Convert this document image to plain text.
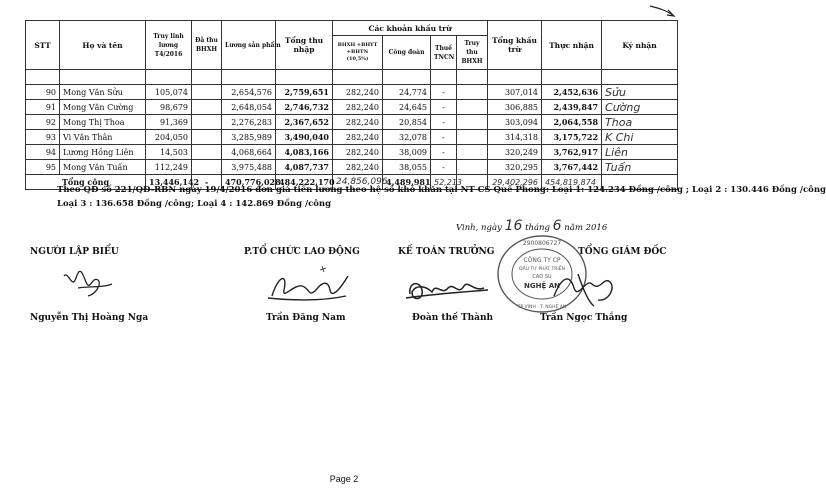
STT	Họ và tên	Truy lĩnh lương T4/2016	Đã thu BHXH	Lương sản phẩm	Tổng thu nhập	Các khoản khấu trừ				Tổng khấu trừ	Thực nhận	Ký nhận
						BHXH +BHYT +BHTN (10,5%)	Công đoàn	Thuế TNCN	Truy thu BHXH			

90	Mong Văn Sửu	105,074		2,654,576	2,759,651	282,240	24,774	-		307,014	2,452,636	Sửu
91	Mong Văn Cường	98,679		2,648,054	2,746,732	282,240	24,645	-		306,885	2,439,847	Cường
92	Mong Thị Thoa	91,369		2,276,283	2,367,652	282,240	20,854	-		303,094	2,064,558	Thoa
93	Vi Văn Thân	204,050		3,285,989	3,490,040	282,240	32,078	-		314,318	3,175,722	K Chi
94	Lương Hồng Liên	14,503		4,068,664	4,083,166	282,240	38,009	-		320,249	3,762,917	Liên
95	Mong Văn Tuấn	112,249		3,975,488	4,087,737	282,240	38,055	-		320,295	3,767,442	Tuấn
Tổng cộng		13,446,142	-	470,776,028	484,222,170	24,856,096	4,489,981	52,213		29,402,296	454,819,874	
Theo QĐ số 221/QĐ-RBN ngày 19/4/2016 đơn giá tiền lương theo hệ số khó khăn tại NT CS Quế Phong: Loại 1: 124.234 Đồng /công ; Loại 2 : 130.446 Đồng /công
Loại 3 : 136.658 Đồng /công; Loại 4 : 142.869 Đồng /công
Vinh, ngày 16 tháng 6 năm 2016
NGƯỜI LẬP BIỂU	P.TỔ CHỨC LAO ĐỘNG	KẾ TOÁN TRƯỞNG	TỔNG GIÁM ĐỐC
2900806727
CÔNG TY CP
ĐẦU TƯ PHÁT TRIỂN
CAO SU
NGHỆ AN
TP VINH - T. NGHỆ AN
Nguyễn Thị Hoàng Nga	Trần Đăng Nam	Đoàn thế Thành	Trần Ngọc Thắng
Page 2
